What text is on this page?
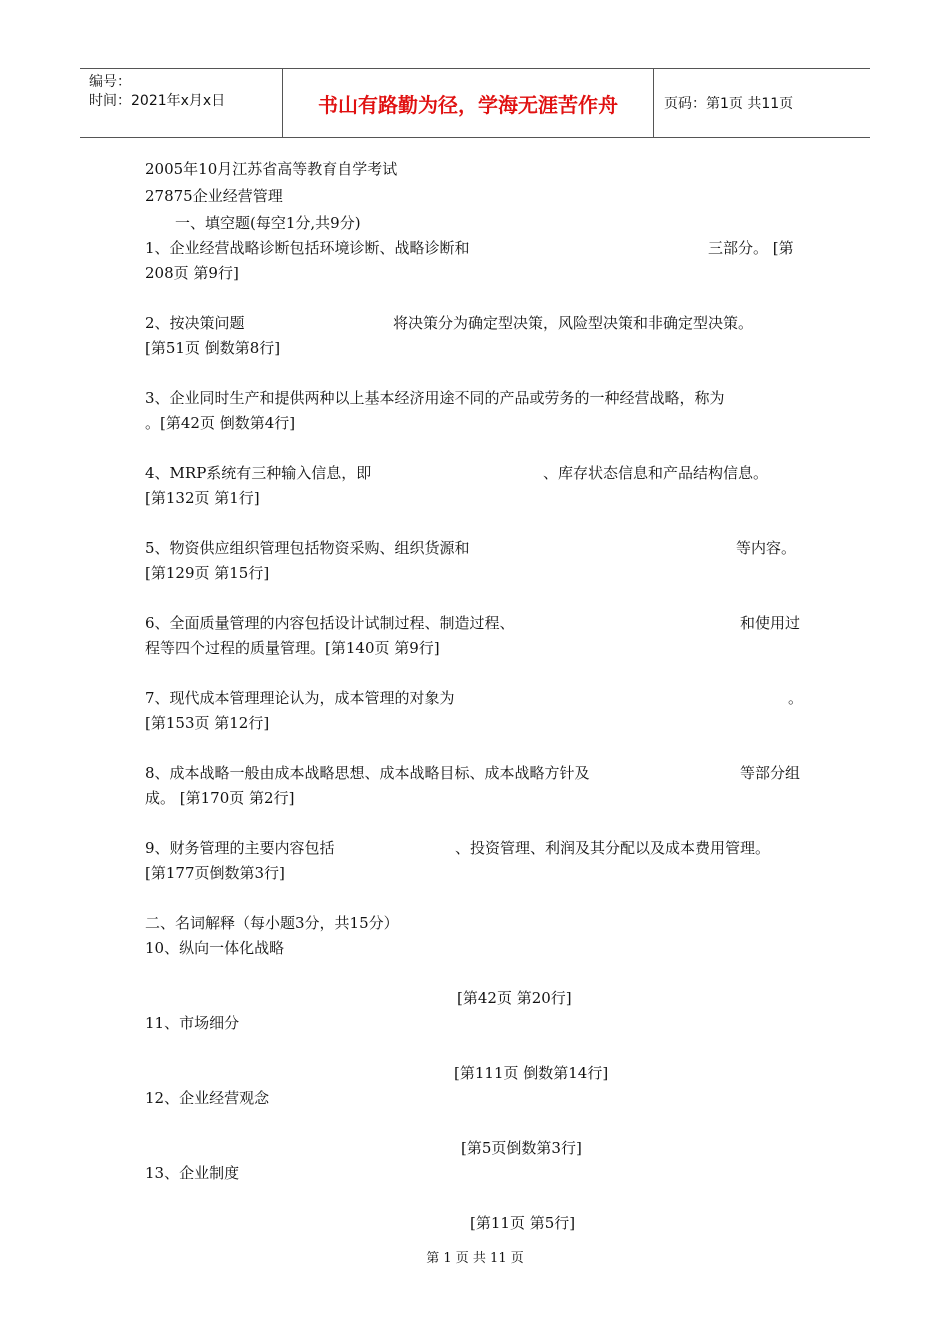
编号：
时间：2021年x月x日	书山有路勤为径，学海无涯苦作舟	页码：第1页 共11页
2005年10月江苏省高等教育自学考试
27875企业经营管理
一、填空题(每空1分,共9分)
1、企业经营战略诊断包括环境诊断、战略诊断和	三部分。 [第
208页 第9行]
2、按决策问题	将决策分为确定型决策，风险型决策和非确定型决策。
[第51页 倒数第8行]
3、企业同时生产和提供两种以上基本经济用途不同的产品或劳务的一种经营战略，称为
。[第42页 倒数第4行]
4、MRP系统有三种输入信息，即	、库存状态信息和产品结构信息。
[第132页 第1行]
5、物资供应组织管理包括物资采购、组织货源和	等内容。
[第129页 第15行]
6、全面质量管理的内容包括设计试制过程、制造过程、	和使用过
程等四个过程的质量管理。[第140页 第9行]
7、现代成本管理理论认为，成本管理的对象为	。
[第153页 第12行]
8、成本战略一般由成本战略思想、成本战略目标、成本战略方针及	等部分组
成。 [第170页 第2行]
9、财务管理的主要内容包括	、投资管理、利润及其分配以及成本费用管理。
[第177页倒数第3行]
二、名词解释（每小题3分，共15分）
10、纵向一体化战略
[第42页 第20行]
11、市场细分
[第111页 倒数第14行]
12、企业经营观念
[第5页倒数第3行]
13、企业制度
[第11页 第5行]
第 1 页 共 11 页
